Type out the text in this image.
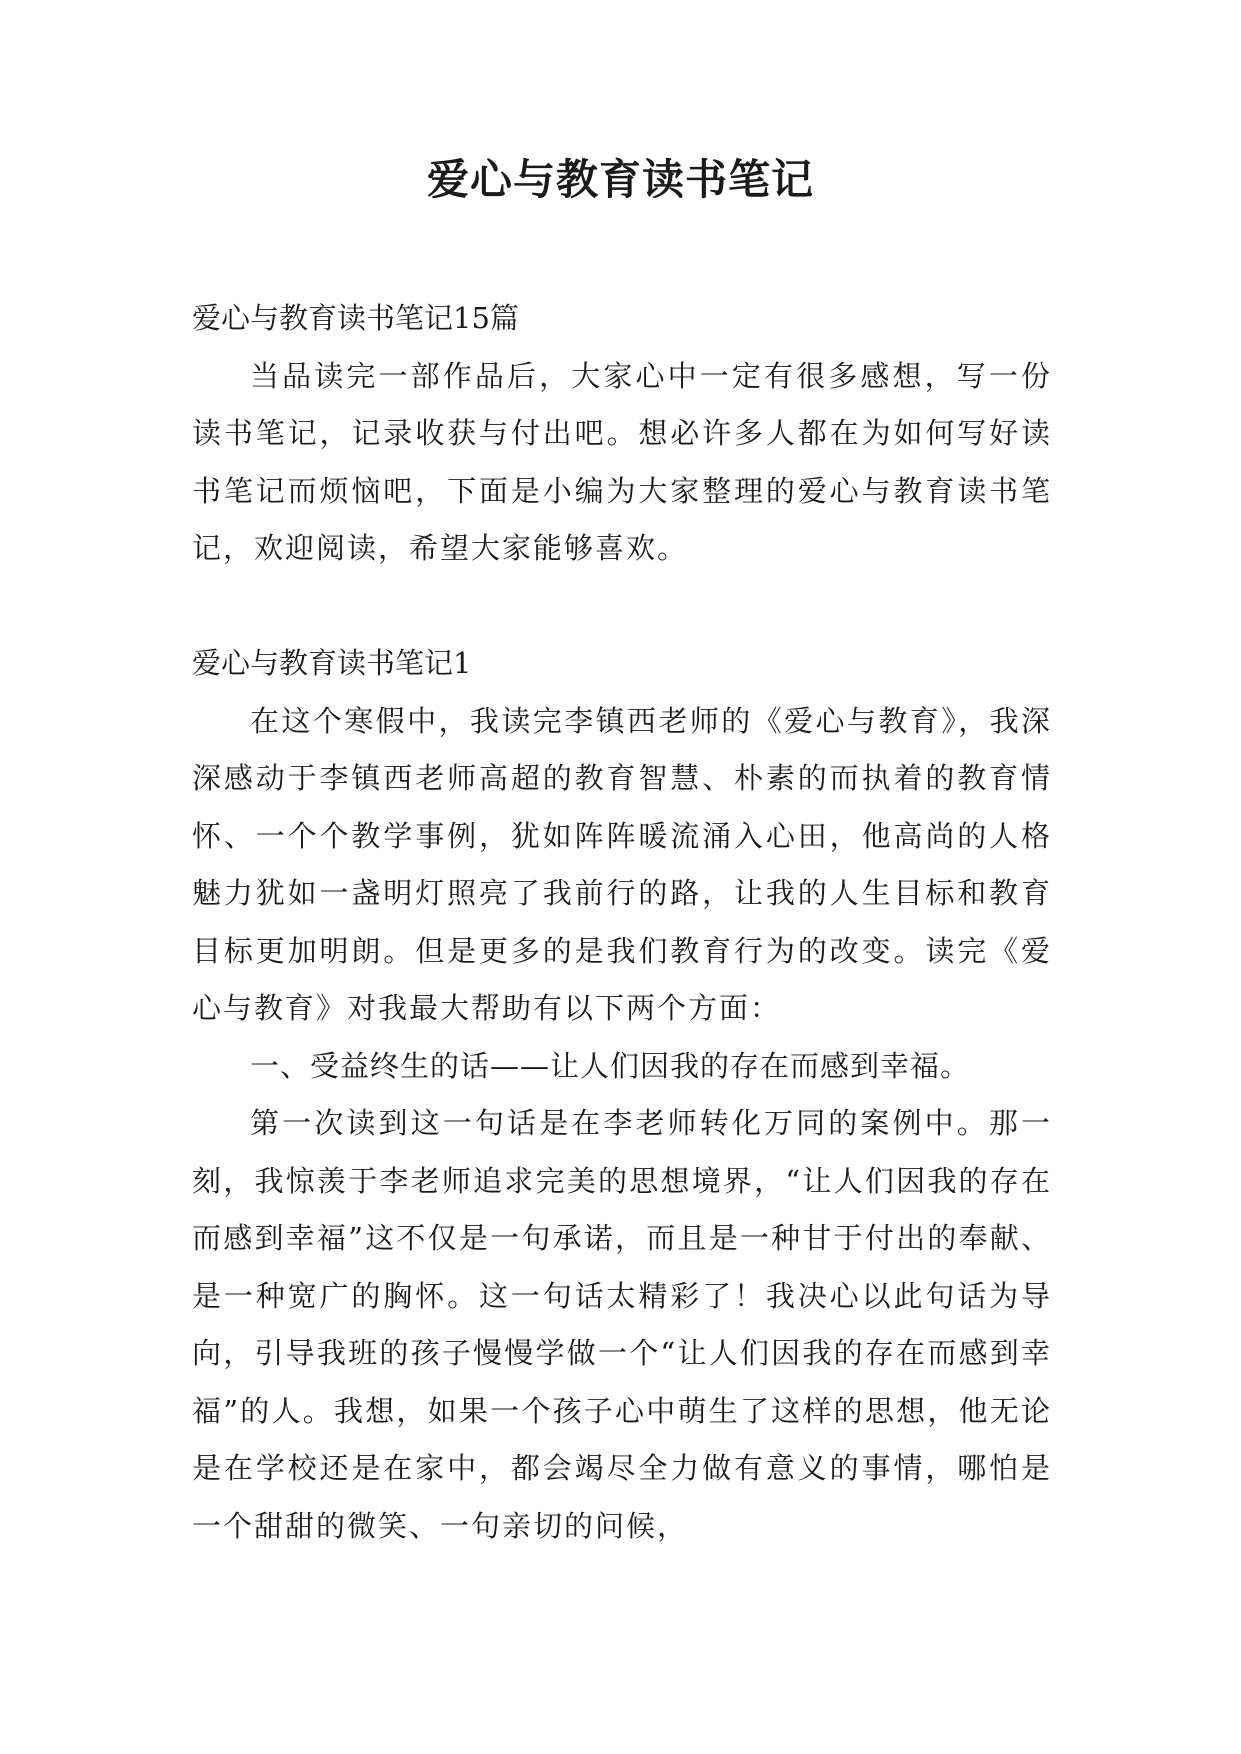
爱心与教育读书笔记

爱心与教育读书笔记15篇

当品读完一部作品后，大家心中一定有很多感想，写一份读书笔记，记录收获与付出吧。想必许多人都在为如何写好读书笔记而烦恼吧，下面是小编为大家整理的爱心与教育读书笔记，欢迎阅读，希望大家能够喜欢。

爱心与教育读书笔记1

在这个寒假中，我读完李镇西老师的《爱心与教育》，我深深感动于李镇西老师高超的教育智慧、朴素的而执着的教育情怀、一个个教学事例，犹如阵阵暖流涌入心田，他高尚的人格魅力犹如一盏明灯照亮了我前行的路，让我的人生目标和教育目标更加明朗。但是更多的是我们教育行为的改变。读完《爱心与教育》对我最大帮助有以下两个方面：

一、受益终生的话——让人们因我的存在而感到幸福。

第一次读到这一句话是在李老师转化万同的案例中。那一刻，我惊羡于李老师追求完美的思想境界，“让人们因我的存在而感到幸福”这不仅是一句承诺，而且是一种甘于付出的奉献、是一种宽广的胸怀。这一句话太精彩了！我决心以此句话为导向，引导我班的孩子慢慢学做一个“让人们因我的存在而感到幸福”的人。我想，如果一个孩子心中萌生了这样的思想，他无论是在学校还是在家中，都会竭尽全力做有意义的事情，哪怕是一个甜甜的微笑、一句亲切的问候，
